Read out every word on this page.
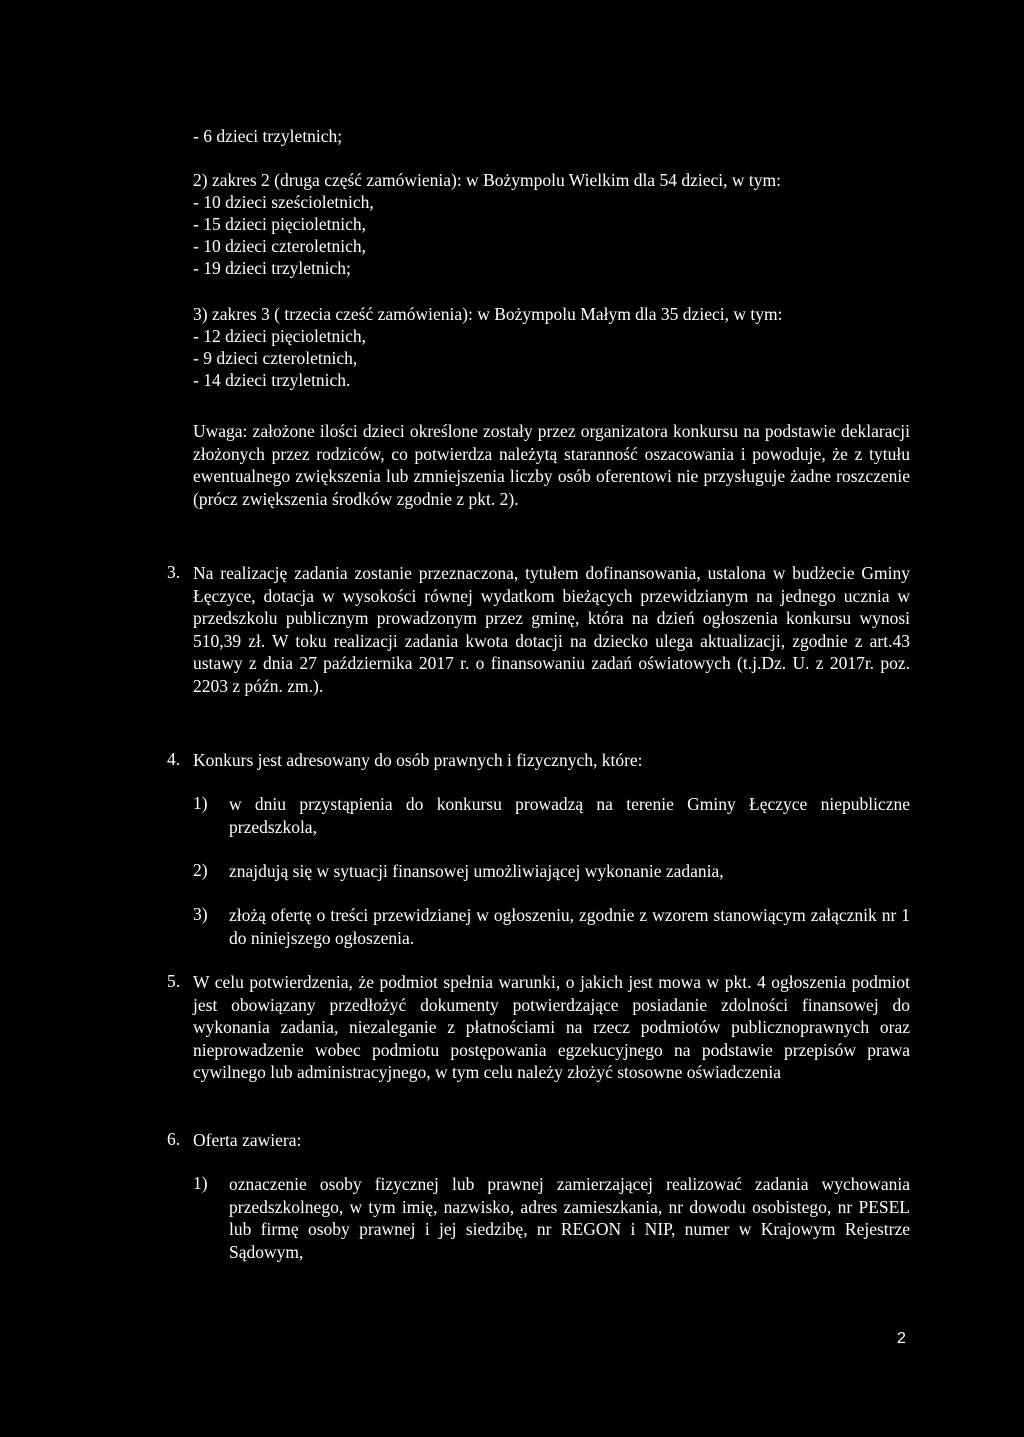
- 6 dzieci trzyletnich;

2) zakres 2 (druga część zamówienia): w Bożympolu Wielkim dla 54 dzieci, w tym:
- 10 dzieci sześcioletnich,
- 15 dzieci pięcioletnich,
- 10 dzieci czteroletnich,
- 19 dzieci trzyletnich;
3) zakres 3 ( trzecia cześć zamówienia): w Bożympolu Małym dla 35 dzieci, w tym:
- 12 dzieci pięcioletnich,
- 9 dzieci czteroletnich,
- 14 dzieci trzyletnich.

Uwaga: założone ilości dzieci określone zostały przez organizatora konkursu na podstawie deklaracji złożonych przez rodziców, co potwierdza należytą staranność oszacowania i powoduje, że z tytułu ewentualnego zwiększenia lub zmniejszenia liczby osób oferentowi nie przysługuje żadne roszczenie (prócz zwiększenia środków zgodnie z pkt. 2).

3. Na realizację zadania zostanie przeznaczona, tytułem dofinansowania, ustalona w budżecie Gminy Łęczyce, dotacja w wysokości równej wydatkom bieżących przewidzianym na jednego ucznia w przedszkolu publicznym prowadzonym przez gminę, która na dzień ogłoszenia konkursu wynosi 510,39 zł. W toku realizacji zadania kwota dotacji na dziecko ulega aktualizacji, zgodnie z art.43 ustawy z dnia 27 października 2017 r. o finansowaniu zadań oświatowych (t.j.Dz. U. z 2017r. poz. 2203 z późn. zm.).

4. Konkurs jest adresowany do osób prawnych i fizycznych, które:

1) w dniu przystąpienia do konkursu prowadzą na terenie Gminy Łęczyce niepubliczne przedszkola,

2) znajdują się w sytuacji finansowej umożliwiającej wykonanie zadania,

3) złożą ofertę o treści przewidzianej w ogłoszeniu, zgodnie z wzorem stanowiącym załącznik nr 1 do niniejszego ogłoszenia.

5. W celu potwierdzenia, że podmiot spełnia warunki, o jakich jest mowa w pkt. 4 ogłoszenia podmiot jest obowiązany przedłożyć dokumenty potwierdzające posiadanie zdolności finansowej do wykonania zadania, niezaleganie z płatnościami na rzecz podmiotów publicznoprawnych oraz nieprowadzenie wobec podmiotu postępowania egzekucyjnego na podstawie przepisów prawa cywilnego lub administracyjnego, w tym celu należy złożyć stosowne oświadczenia

6. Oferta zawiera:

1) oznaczenie osoby fizycznej lub prawnej zamierzającej realizować zadania wychowania przedszkolnego, w tym imię, nazwisko, adres zamieszkania, nr dowodu osobistego, nr PESEL lub firmę osoby prawnej i jej siedzibę, nr REGON i NIP, numer w Krajowym Rejestrze Sądowym,

2
